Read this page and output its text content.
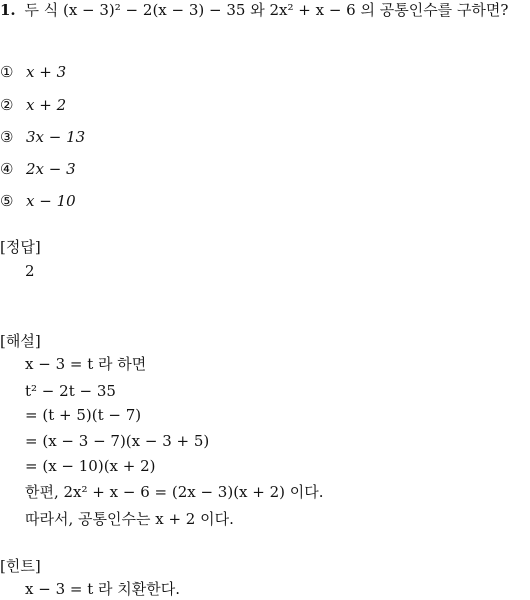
1. 두 식 (x − 3)² − 2(x − 3) − 35 와 2x² + x − 6 의 공통인수를 구하면?
① x + 3
② x + 2
③ 3x − 13
④ 2x − 3
⑤ x − 10
[정답]
2
[해설]
x − 3 = t 라 하면
t² − 2t − 35
= (t + 5)(t − 7)
= (x − 3 − 7)(x − 3 + 5)
= (x − 10)(x + 2)
한편, 2x² + x − 6 = (2x − 3)(x + 2) 이다.
따라서, 공통인수는 x + 2 이다.
[힌트]
x − 3 = t 라 치환한다.
